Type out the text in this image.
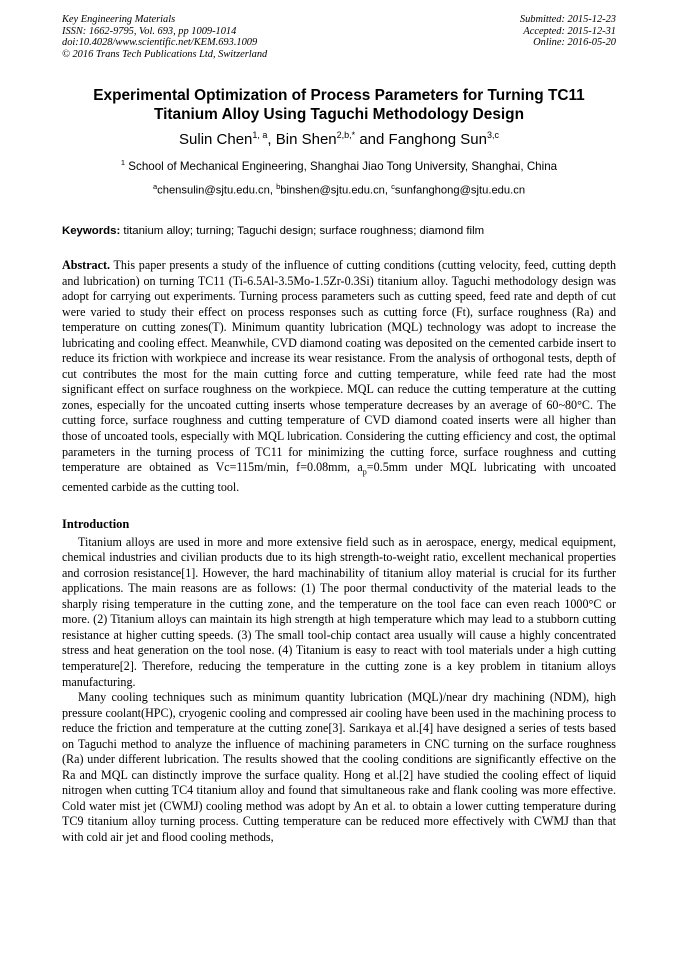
Key Engineering Materials
ISSN: 1662-9795, Vol. 693, pp 1009-1014
doi:10.4028/www.scientific.net/KEM.693.1009
© 2016 Trans Tech Publications Ltd, Switzerland
Submitted: 2015-12-23
Accepted: 2015-12-31
Online: 2016-05-20
Experimental Optimization of Process Parameters for Turning TC11
Titanium Alloy Using Taguchi Methodology Design
Sulin Chen$^{1, a}$, Bin Shen$^{2,b,*}$ and Fanghong Sun$^{3,c}$
$^1$ School of Mechanical Engineering, Shanghai Jiao Tong University, Shanghai, China
$^a$chensulin@sjtu.edu.cn, $^b$binshen@sjtu.edu.cn, $^c$sunfanghong@sjtu.edu.cn
Keywords: titanium alloy; turning; Taguchi design; surface roughness; diamond film
Abstract. This paper presents a study of the influence of cutting conditions (cutting velocity, feed, cutting depth and lubrication) on turning TC11 (Ti-6.5Al-3.5Mo-1.5Zr-0.3Si) titanium alloy. Taguchi methodology design was adopt for carrying out experiments. Turning process parameters such as cutting speed, feed rate and depth of cut were varied to study their effect on process responses such as cutting force (Ft), surface roughness (Ra) and temperature on cutting zones(T). Minimum quantity lubrication (MQL) technology was adopt to increase the lubricating and cooling effect. Meanwhile, CVD diamond coating was deposited on the cemented carbide insert to reduce its friction with workpiece and increase its wear resistance. From the analysis of orthogonal tests, depth of cut contributes the most for the main cutting force and cutting temperature, while feed rate had the most significant effect on surface roughness on the workpiece. MQL can reduce the cutting temperature at the cutting zones, especially for the uncoated cutting inserts whose temperature decreases by an average of 60~80°C. The cutting force, surface roughness and cutting temperature of CVD diamond coated inserts were all higher than those of uncoated tools, especially with MQL lubrication. Considering the cutting efficiency and cost, the optimal parameters in the turning process of TC11 for minimizing the cutting force, surface roughness and cutting temperature are obtained as Vc=115m/min, f=0.08mm, $a_p=0.5mm$ under MQL lubricating with uncoated cemented carbide as the cutting tool.
Introduction
Titanium alloys are used in more and more extensive field such as in aerospace, energy, medical equipment, chemical industries and civilian products due to its high strength-to-weight ratio, excellent mechanical properties and corrosion resistance[1]. However, the hard machinability of titanium alloy material is crucial for its further applications. The main reasons are as follows: (1) The poor thermal conductivity of the material leads to the sharply rising temperature in the cutting zone, and the temperature on the tool face can even reach 1000°C or more. (2) Titanium alloys can maintain its high strength at high temperature which may lead to a stubborn cutting resistance at higher cutting speeds. (3) The small tool-chip contact area usually will cause a highly concentrated stress and heat generation on the tool nose. (4) Titanium is easy to react with tool materials under a high cutting temperature[2]. Therefore, reducing the temperature in the cutting zone is a key problem in titanium alloys manufacturing.
Many cooling techniques such as minimum quantity lubrication (MQL)/near dry machining (NDM), high pressure coolant(HPC), cryogenic cooling and compressed air cooling have been used in the machining process to reduce the friction and temperature at the cutting zone[3]. Sarıkaya et al.[4] have designed a series of tests based on Taguchi method to analyze the influence of machining parameters in CNC turning on the surface roughness (Ra) under different lubrication. The results showed that the cooling conditions are significantly effective on the Ra and MQL can distinctly improve the surface quality. Hong et al.[2] have studied the cooling effect of liquid nitrogen when cutting TC4 titanium alloy and found that simultaneous rake and flank cooling was more effective. Cold water mist jet (CWMJ) cooling method was adopt by An et al. to obtain a lower cutting temperature during TC9 titanium alloy turning process. Cutting temperature can be reduced more effectively with CWMJ than that with cold air jet and flood cooling methods,
